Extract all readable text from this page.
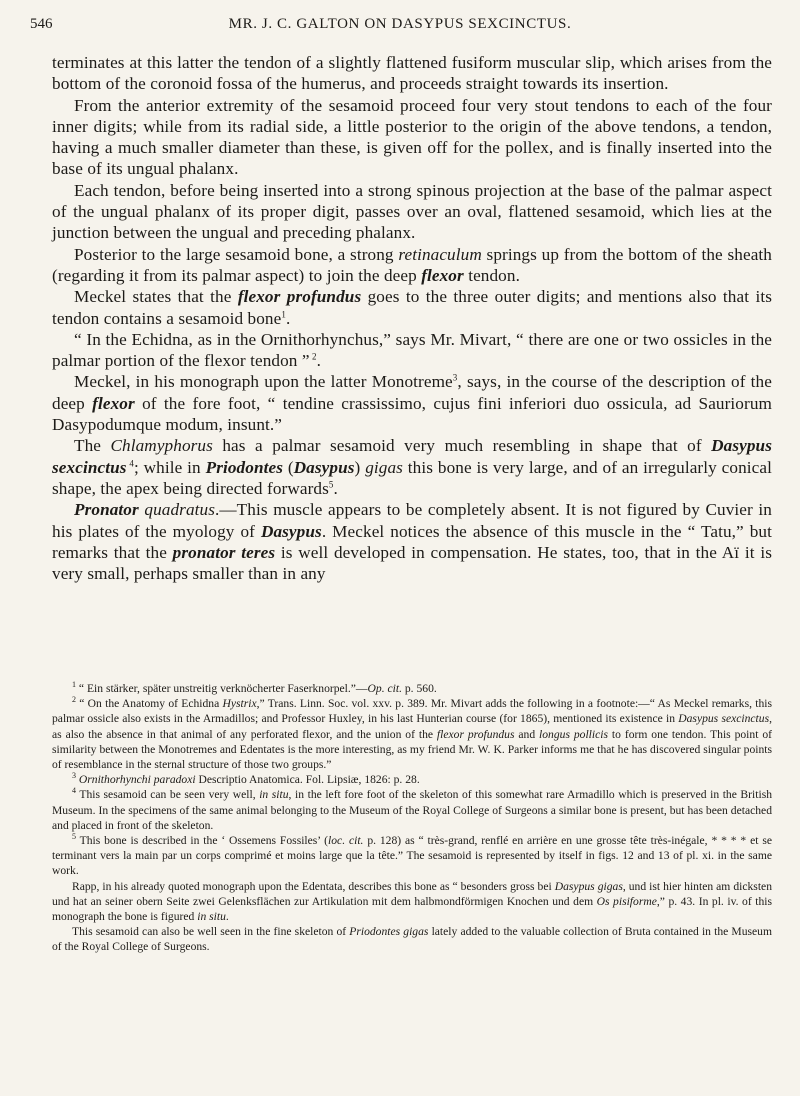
546	MR. J. C. GALTON ON DASYPUS SEXCINCTUS.

terminates at this latter the tendon of a slightly flattened fusiform muscular slip, which arises from the bottom of the coronoid fossa of the humerus, and proceeds straight towards its insertion.

From the anterior extremity of the sesamoid proceed four very stout tendons to each of the four inner digits; while from its radial side, a little posterior to the origin of the above tendons, a tendon, having a much smaller diameter than these, is given off for the pollex, and is finally inserted into the base of its ungual phalanx.

Each tendon, before being inserted into a strong spinous projection at the base of the palmar aspect of the ungual phalanx of its proper digit, passes over an oval, flattened sesamoid, which lies at the junction between the ungual and preceding phalanx.

Posterior to the large sesamoid bone, a strong retinaculum springs up from the bottom of the sheath (regarding it from its palmar aspect) to join the deep flexor tendon.

Meckel states that the flexor profundus goes to the three outer digits; and mentions also that its tendon contains a sesamoid bone$^1$.

“ In the Echidna, as in the Ornithorhynchus,” says Mr. Mivart, “ there are one or two ossicles in the palmar portion of the flexor tendon ” $^2$.

Meckel, in his monograph upon the latter Monotreme$^3$, says, in the course of the description of the deep flexor of the fore foot, “ tendine crassissimo, cujus fini inferiori duo ossicula, ad Sauriorum Dasypodumque modum, insunt.”

The Chlamyphorus has a palmar sesamoid very much resembling in shape that of Dasypus sexcinctus $^4$; while in Priodontes (Dasypus) gigas this bone is very large, and of an irregularly conical shape, the apex being directed forwards$^5$.

Pronator quadratus.—This muscle appears to be completely absent. It is not figured by Cuvier in his plates of the myology of Dasypus. Meckel notices the absence of this muscle in the “ Tatu,” but remarks that the pronator teres is well developed in compensation. He states, too, that in the Aï it is very small, perhaps smaller than in any

$^1$ “ Ein stärker, später unstreitig verknöcherter Faserknorpel.”—Op. cit. p. 560.

$^2$ “ On the Anatomy of Echidna Hystrix,” Trans. Linn. Soc. vol. xxv. p. 389. Mr. Mivart adds the following in a footnote:—“ As Meckel remarks, this palmar ossicle also exists in the Armadillos; and Professor Huxley, in his last Hunterian course (for 1865), mentioned its existence in Dasypus sexcinctus, as also the absence in that animal of any perforated flexor, and the union of the flexor profundus and longus pollicis to form one tendon. This point of similarity between the Monotremes and Edentates is the more interesting, as my friend Mr. W. K. Parker informs me that he has discovered singular points of resemblance in the sternal structure of those two groups.”

$^3$ Ornithorhynchi paradoxi Descriptio Anatomica. Fol. Lipsiæ, 1826: p. 28.

$^4$ This sesamoid can be seen very well, in situ, in the left fore foot of the skeleton of this somewhat rare Armadillo which is preserved in the British Museum. In the specimens of the same animal belonging to the Museum of the Royal College of Surgeons a similar bone is present, but has been detached and placed in front of the skeleton.

$^5$ This bone is described in the ‘ Ossemens Fossiles’ (loc. cit. p. 128) as “ très-grand, renflé en arrière en une grosse tête très-inégale, * * * * et se terminant vers la main par un corps comprimé et moins large que la tête.” The sesamoid is represented by itself in figs. 12 and 13 of pl. xi. in the same work.

Rapp, in his already quoted monograph upon the Edentata, describes this bone as “ besonders gross bei Dasypus gigas, und ist hier hinten am dicksten und hat an seiner obern Seite zwei Gelenksflächen zur Artikulation mit dem halbmondförmigen Knochen und dem Os pisiforme,” p. 43. In pl. iv. of this monograph the bone is figured in situ.

This sesamoid can also be well seen in the fine skeleton of Priodontes gigas lately added to the valuable collection of Bruta contained in the Museum of the Royal College of Surgeons.
